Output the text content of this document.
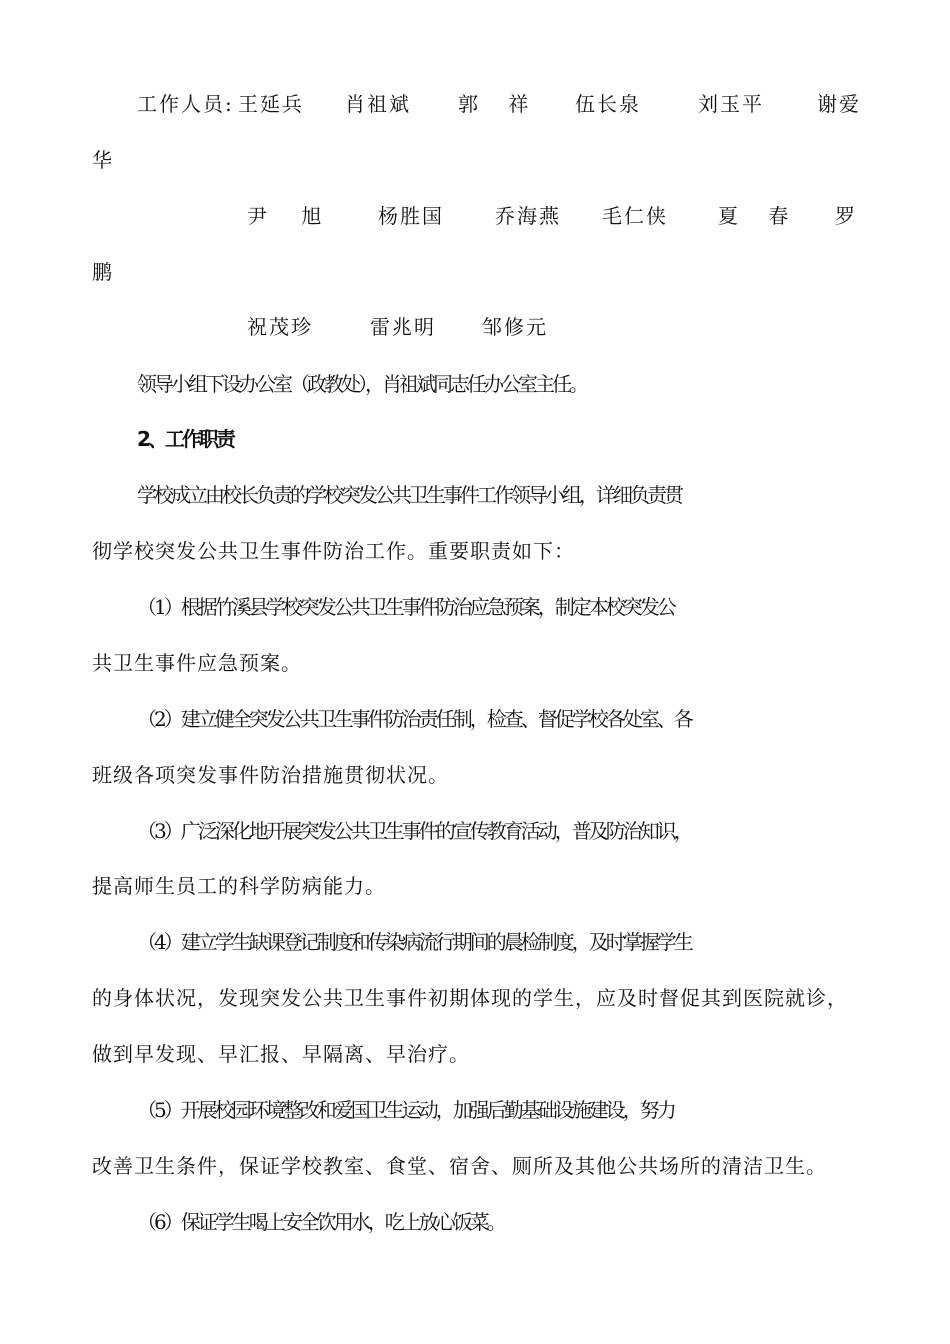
工作人员: 王延兵 肖祖斌 郭 祥 伍长泉	刘玉平	谢爱
华
尹 旭 杨胜国	乔海燕 毛仁侠	夏 春 罗
鹏
祝茂珍	雷兆明 邹修元
领导小组下设办公室（政教处），肖祖斌同志任办公室主任。
2、工作职责
学校成立由校长负责的学校突发公共卫生事件工作领导小组，详细负责贯
彻学校突发公共卫生事件防治工作。重要职责如下：
（1）根据竹溪县学校突发公共卫生事件防治应急预案，制定本校突发公
共卫生事件应急预案。
（2）建立健全突发公共卫生事件防治责任制，检查、督促学校各处室、各
班级各项突发事件防治措施贯彻状况。
（3）广泛深化地开展突发公共卫生事件的宣传教育活动，普及防治知识，
提高师生员工的科学防病能力。
（4）建立学生缺课登记制度和传染病流行期间的晨检制度，及时掌握学生
的身体状况，发现突发公共卫生事件初期体现的学生，应及时督促其到医院就诊，
做到早发现、早汇报、早隔离、早治疗。
（5）开展校园环境整改和爱国卫生运动，加强后勤基础设施建设，努力
改善卫生条件，保证学校教室、食堂、宿舍、厕所及其他公共场所的清洁卫生。
（6）保证学生喝上安全饮用水，吃上放心饭菜。
